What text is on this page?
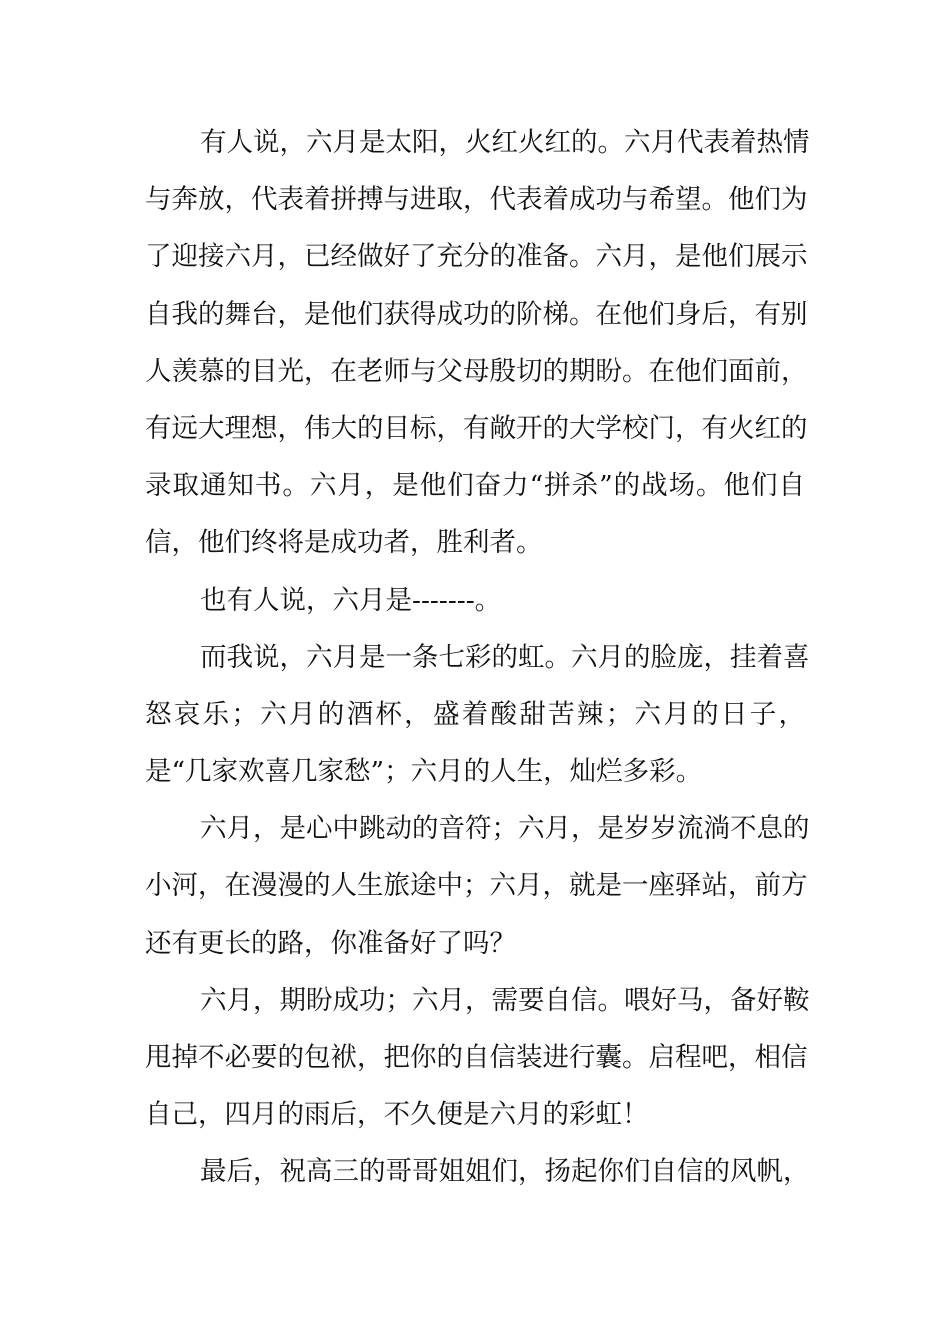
有人说，六月是太阳，火红火红的。六月代表着热情
与奔放，代表着拼搏与进取，代表着成功与希望。他们为
了迎接六月，已经做好了充分的准备。六月，是他们展示
自我的舞台，是他们获得成功的阶梯。在他们身后，有别
人羡慕的目光，在老师与父母殷切的期盼。在他们面前，
有远大理想，伟大的目标，有敞开的大学校门，有火红的
录取通知书。六月，是他们奋力“拼杀”的战场。他们自
信，他们终将是成功者，胜利者。
也有人说，六月是-------。
而我说，六月是一条七彩的虹。六月的脸庞，挂着喜
怒哀乐；六月的酒杯，盛着酸甜苦辣；六月的日子，
是“几家欢喜几家愁”；六月的人生，灿烂多彩。
六月，是心中跳动的音符；六月，是岁岁流淌不息的
小河，在漫漫的人生旅途中；六月，就是一座驿站，前方
还有更长的路，你准备好了吗？
六月，期盼成功；六月，需要自信。喂好马，备好鞍
甩掉不必要的包袱，把你的自信装进行囊。启程吧，相信
自己，四月的雨后，不久便是六月的彩虹！
最后，祝高三的哥哥姐姐们，扬起你们自信的风帆，
